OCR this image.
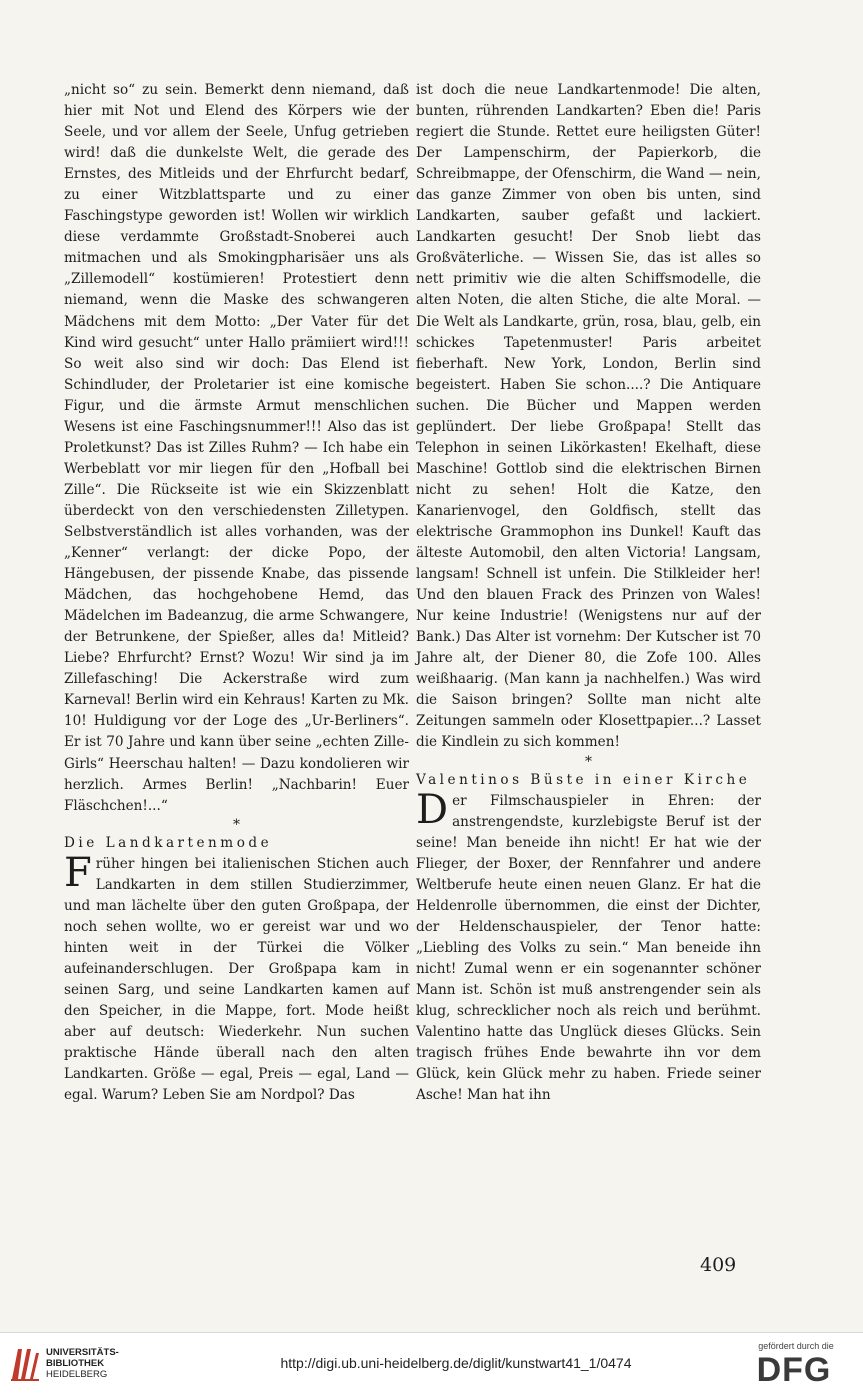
„nicht so“ zu sein. Bemerkt denn niemand, daß hier mit Not und Elend des Körpers wie der Seele, und vor allem der Seele, Unfug getrieben wird! daß die dunkelste Welt, die gerade des Ernstes, des Mitleids und der Ehrfurcht bedarf, zu einer Witzblattsparte und zu einer Faschingstype geworden ist! Wollen wir wirklich diese verdammte Großstadt-Snoberei auch mitmachen und als Smokingpharisäer uns als „Zillemodell“ kostümieren! Protestiert denn niemand, wenn die Maske des schwangeren Mädchens mit dem Motto: „Der Vater für det Kind wird gesucht“ unter Hallo prämiiert wird!!! So weit also sind wir doch: Das Elend ist Schindluder, der Proletarier ist eine komische Figur, und die ärmste Armut menschlichen Wesens ist eine Faschingsnummer!!! Also das ist Proletkunst? Das ist Zilles Ruhm? — Ich habe ein Werbeblatt vor mir liegen für den „Hofball bei Zille“. Die Rückseite ist wie ein Skizzenblatt überdeckt von den verschiedensten Zilletypen. Selbstverständlich ist alles vorhanden, was der „Kenner“ verlangt: der dicke Popo, der Hängebusen, der pissende Knabe, das pissende Mädchen, das hochgehobene Hemd, das Mädelchen im Badeanzug, die arme Schwangere, der Betrunkene, der Spießer, alles da! Mitleid? Liebe? Ehrfurcht? Ernst? Wozu! Wir sind ja im Zillefasching! Die Ackerstraße wird zum Karneval! Berlin wird ein Kehraus! Karten zu Mk. 10! Huldigung vor der Loge des „Ur-Berliners“. Er ist 70 Jahre und kann über seine „echten Zille-Girls“ Heerschau halten! — Dazu kondolieren wir herzlich. Armes Berlin! „Nachbarin! Euer Fläschchen!...“

*

Die Landkartenmode

Früher hingen bei italienischen Stichen auch Landkarten in dem stillen Studierzimmer, und man lächelte über den guten Großpapa, der noch sehen wollte, wo er gereist war und wo hinten weit in der Türkei die Völker aufeinanderschlugen. Der Großpapa kam in seinen Sarg, und seine Landkarten kamen auf den Speicher, in die Mappe, fort. Mode heißt aber auf deutsch: Wiederkehr. Nun suchen praktische Hände überall nach den alten Landkarten. Größe — egal, Preis — egal, Land — egal. Warum? Leben Sie am Nordpol? Das

ist doch die neue Landkartenmode! Die alten, bunten, rührenden Landkarten? Eben die! Paris regiert die Stunde. Rettet eure heiligsten Güter! Der Lampenschirm, der Papierkorb, die Schreibmappe, der Ofenschirm, die Wand — nein, das ganze Zimmer von oben bis unten, sind Landkarten, sauber gefaßt und lackiert. Landkarten gesucht! Der Snob liebt das Großväterliche. — Wissen Sie, das ist alles so nett primitiv wie die alten Schiffsmodelle, die alten Noten, die alten Stiche, die alte Moral. — Die Welt als Landkarte, grün, rosa, blau, gelb, ein schickes Tapetenmuster! Paris arbeitet fieberhaft. New York, London, Berlin sind begeistert. Haben Sie schon....? Die Antiquare suchen. Die Bücher und Mappen werden geplündert. Der liebe Großpapa! Stellt das Telephon in seinen Likörkasten! Ekelhaft, diese Maschine! Gottlob sind die elektrischen Birnen nicht zu sehen! Holt die Katze, den Kanarienvogel, den Goldfisch, stellt das elektrische Grammophon ins Dunkel! Kauft das älteste Automobil, den alten Victoria! Langsam, langsam! Schnell ist unfein. Die Stilkleider her! Und den blauen Frack des Prinzen von Wales! Nur keine Industrie! (Wenigstens nur auf der Bank.) Das Alter ist vornehm: Der Kutscher ist 70 Jahre alt, der Diener 80, die Zofe 100. Alles weißhaarig. (Man kann ja nachhelfen.) Was wird die Saison bringen? Sollte man nicht alte Zeitungen sammeln oder Klosettpapier...? Lasset die Kindlein zu sich kommen!

*

Valentinos Büste in einer Kirche

Der Filmschauspieler in Ehren: der anstrengendste, kurzlebigste Beruf ist der seine! Man beneide ihn nicht! Er hat wie der Flieger, der Boxer, der Rennfahrer und andere Weltberufe heute einen neuen Glanz. Er hat die Heldenrolle übernommen, die einst der Dichter, der Heldenschauspieler, der Tenor hatte: „Liebling des Volks zu sein.“ Man beneide ihn nicht! Zumal wenn er ein sogenannter schöner Mann ist. Schön ist muß anstrengender sein als klug, schrecklicher noch als reich und berühmt. Valentino hatte das Unglück dieses Glücks. Sein tragisch frühes Ende bewahrte ihn vor dem Glück, kein Glück mehr zu haben. Friede seiner Asche! Man hat ihn

409
UNIVERSITÄTS-
BIBLIOTHEK
HEIDELBERG
http://digi.ub.uni-heidelberg.de/diglit/kunstwart41_1/0474
gefördert durch die
DFG
